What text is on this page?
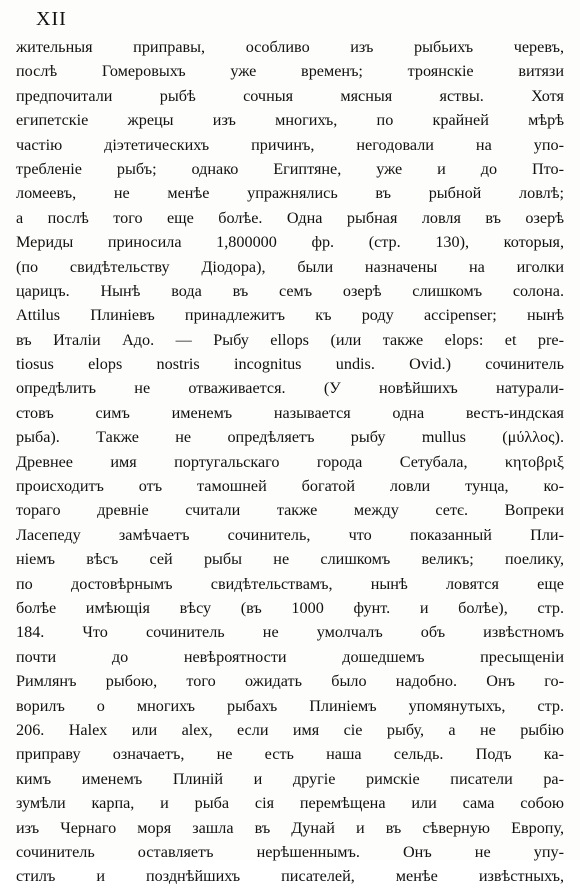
XII
жительныя приправы, особливо изъ рыбьихъ черевъ,
послѣ Гомеровыхъ уже временъ; троянскіе витязи
предпочитали рыбѣ сочныя мясныя яствы. Хотя
египетскіе жрецы изъ многихъ, по крайней мѣрѣ
частію діэтетическихъ причинъ, негодовали на упо-
требленіе рыбъ; однако Египтяне, уже и до Пто-
ломеевъ, не менѣе упражнялись въ рыбной ловлѣ;
а послѣ того еще болѣе. Одна рыбная ловля въ озерѣ
Мериды приносила 1,800000 фр. (стр. 130), которыя,
(по свидѣтельству Діодора), были назначены на иголки
царицъ. Нынѣ вода въ семъ озерѣ слишкомъ солона.
Attilus Плиніевъ принадлежитъ къ роду accipenser; нынѣ
въ Италіи Адо. — Рыбу ellops (или также elops: et pre-
tiosus elops nostris incognitus undis. Ovid.) сочинитель
опредѣлить не отваживается. (У новѣйшихъ натурали-
стовъ симъ именемъ называется одна вестъ-индская
рыба). Также не опредѣляетъ рыбу mullus (μύλλος).
Древнее имя португальскаго города Сетубала, κητοβριξ
происходитъ отъ тамошней богатой ловли тунца, ко-
тораго древніе считали также между сетє. Вопреки
Ласепеду замѣчаетъ сочинитель, что показанный Пли-
ніемъ вѣсъ сей рыбы не слишкомъ великъ; поелику,
по достовѣрнымъ свидѣтельствамъ, нынѣ ловятся еще
болѣе имѣющія вѣсу (въ 1000 фунт. и болѣе), стр.
184. Что сочинитель не умолчалъ объ извѣстномъ
почти до невѣроятности дошедшемъ пресыщеніи
Римлянъ рыбою, того ожидать было надобно. Онъ го-
ворилъ о многихъ рыбахъ Плиніемъ упомянутыхъ, стр.
206. Halex или alex, если имя сіе рыбу, а не рыбію
приправу означаетъ, не есть наша сельдь. Подъ ка-
кимъ именемъ Плиній и другіе римскіе писатели ра-
зумѣли карпа, и рыба сія перемѣщена или сама собою
изъ Чернаго моря зашла въ Дунай и въ сѣверную Европу,
сочинитель оставляетъ нерѣшеннымъ. Онъ не упу-
стилъ и позднѣйшихъ писателей, менѣе извѣстныхъ,
